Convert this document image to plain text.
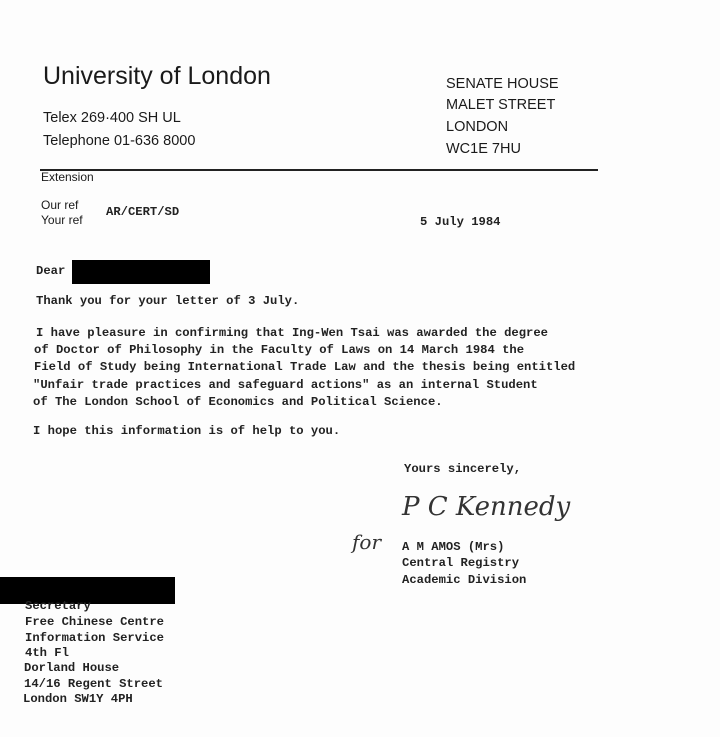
University of London
Telex 269·400 SH UL
Telephone 01-636 8000
SENATE HOUSE
MALET STREET
LONDON
WC1E 7HU
Extension
Our ref
Your ref
AR/CERT/SD
5 July 1984
Dear
Thank you for your letter of 3 July.
I have pleasure in confirming that Ing-Wen Tsai was awarded the degree
of Doctor of Philosophy in the Faculty of Laws on 14 March 1984 the
Field of Study being International Trade Law and the thesis being entitled
"Unfair trade practices and safeguard actions" as an internal Student
of The London School of Economics and Political Science.
I hope this information is of help to you.
Yours sincerely,
P C Kennedy
for A M AMOS (Mrs)
Central Registry
Academic Division
Secretary
Free Chinese Centre
Information Service
4th Fl
Dorland House
14/16 Regent Street
London SW1Y 4PH
